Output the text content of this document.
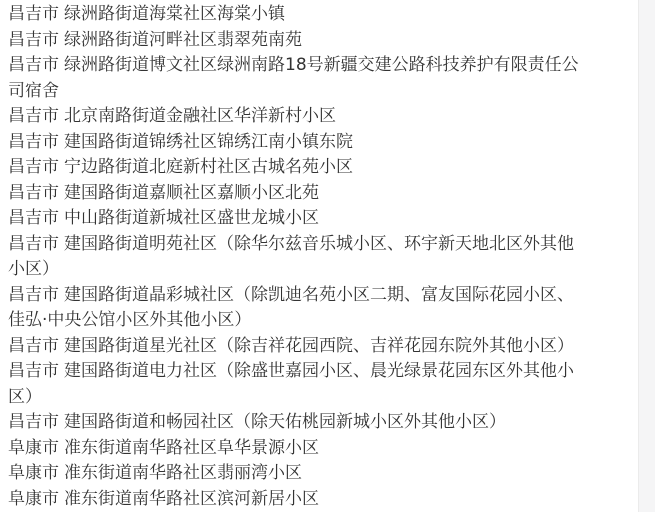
昌吉市 绿洲路街道海棠社区海棠小镇

昌吉市 绿洲路街道河畔社区翡翠苑南苑

昌吉市 绿洲路街道博文社区绿洲南路18号新疆交建公路科技养护有限责任公司宿舍

昌吉市 北京南路街道金融社区华洋新村小区

昌吉市 建国路街道锦绣社区锦绣江南小镇东院

昌吉市 宁边路街道北庭新村社区古城名苑小区

昌吉市 建国路街道嘉顺社区嘉顺小区北苑

昌吉市 中山路街道新城社区盛世龙城小区

昌吉市 建国路街道明苑社区（除华尔兹音乐城小区、环宇新天地北区外其他小区）

昌吉市 建国路街道晶彩城社区（除凯迪名苑小区二期、富友国际花园小区、佳弘·中央公馆小区外其他小区）

昌吉市 建国路街道星光社区（除吉祥花园西院、吉祥花园东院外其他小区）

昌吉市 建国路街道电力社区（除盛世嘉园小区、晨光绿景花园东区外其他小区）

昌吉市 建国路街道和畅园社区（除天佑桃园新城小区外其他小区）

阜康市 准东街道南华路社区阜华景源小区

阜康市 准东街道南华路社区翡丽湾小区

阜康市 准东街道南华路社区滨河新居小区
